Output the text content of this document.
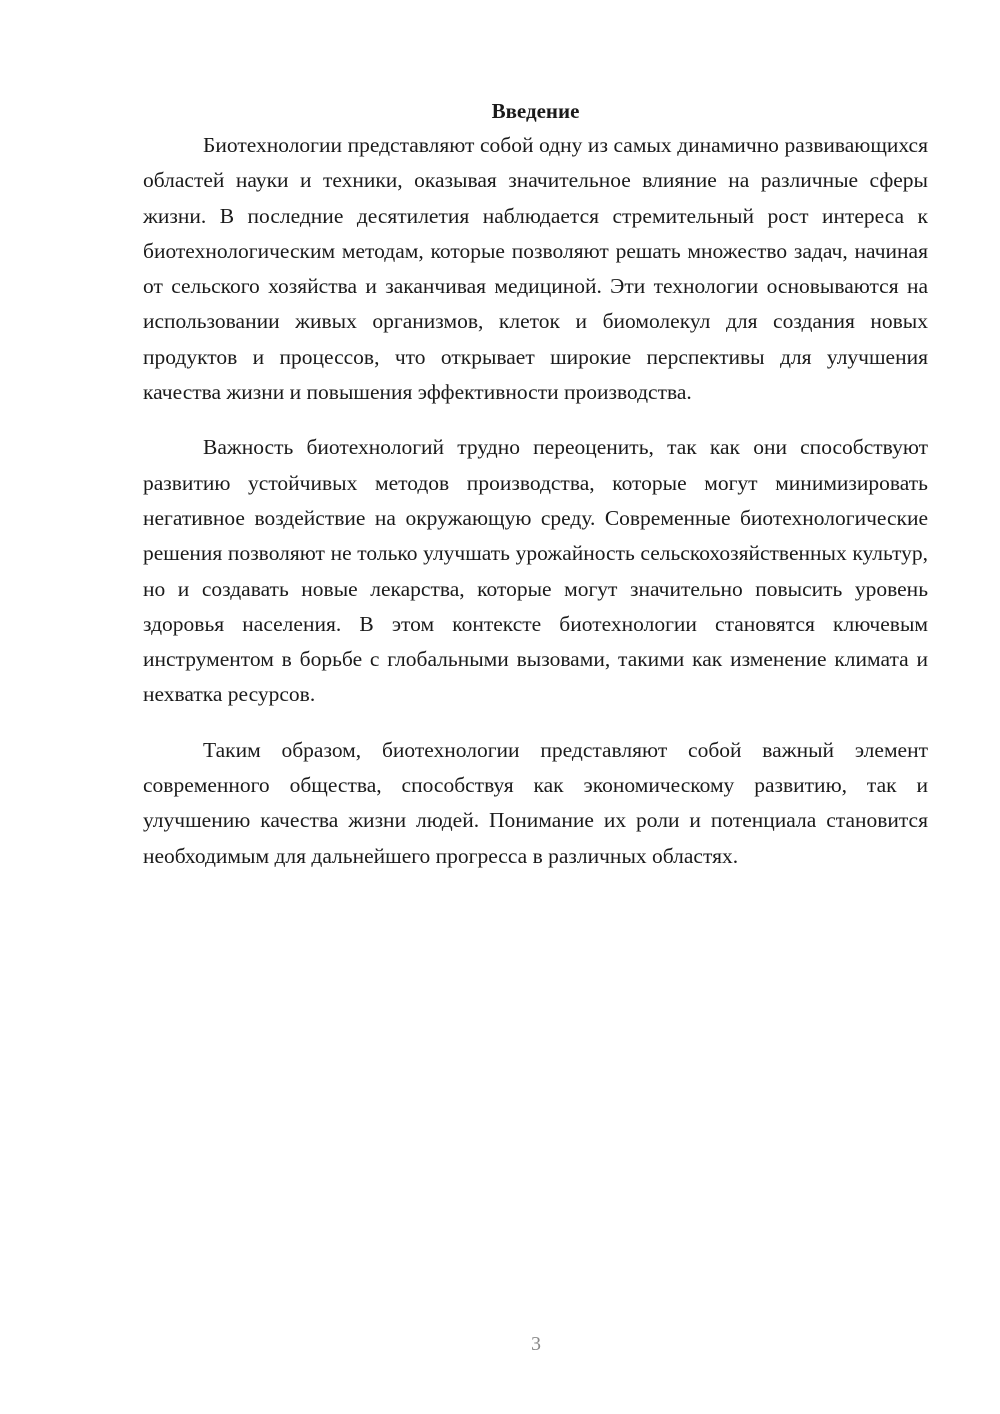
Введение

Биотехнологии представляют собой одну из самых динамично развивающихся областей науки и техники, оказывая значительное влияние на различные сферы жизни. В последние десятилетия наблюдается стремительный рост интереса к биотехнологическим методам, которые позволяют решать множество задач, начиная от сельского хозяйства и заканчивая медициной. Эти технологии основываются на использовании живых организмов, клеток и биомолекул для создания новых продуктов и процессов, что открывает широкие перспективы для улучшения качества жизни и повышения эффективности производства.

Важность биотехнологий трудно переоценить, так как они способствуют развитию устойчивых методов производства, которые могут минимизировать негативное воздействие на окружающую среду. Современные биотехнологические решения позволяют не только улучшать урожайность сельскохозяйственных культур, но и создавать новые лекарства, которые могут значительно повысить уровень здоровья населения. В этом контексте биотехнологии становятся ключевым инструментом в борьбе с глобальными вызовами, такими как изменение климата и нехватка ресурсов.

Таким образом, биотехнологии представляют собой важный элемент современного общества, способствуя как экономическому развитию, так и улучшению качества жизни людей. Понимание их роли и потенциала становится необходимым для дальнейшего прогресса в различных областях.

3
